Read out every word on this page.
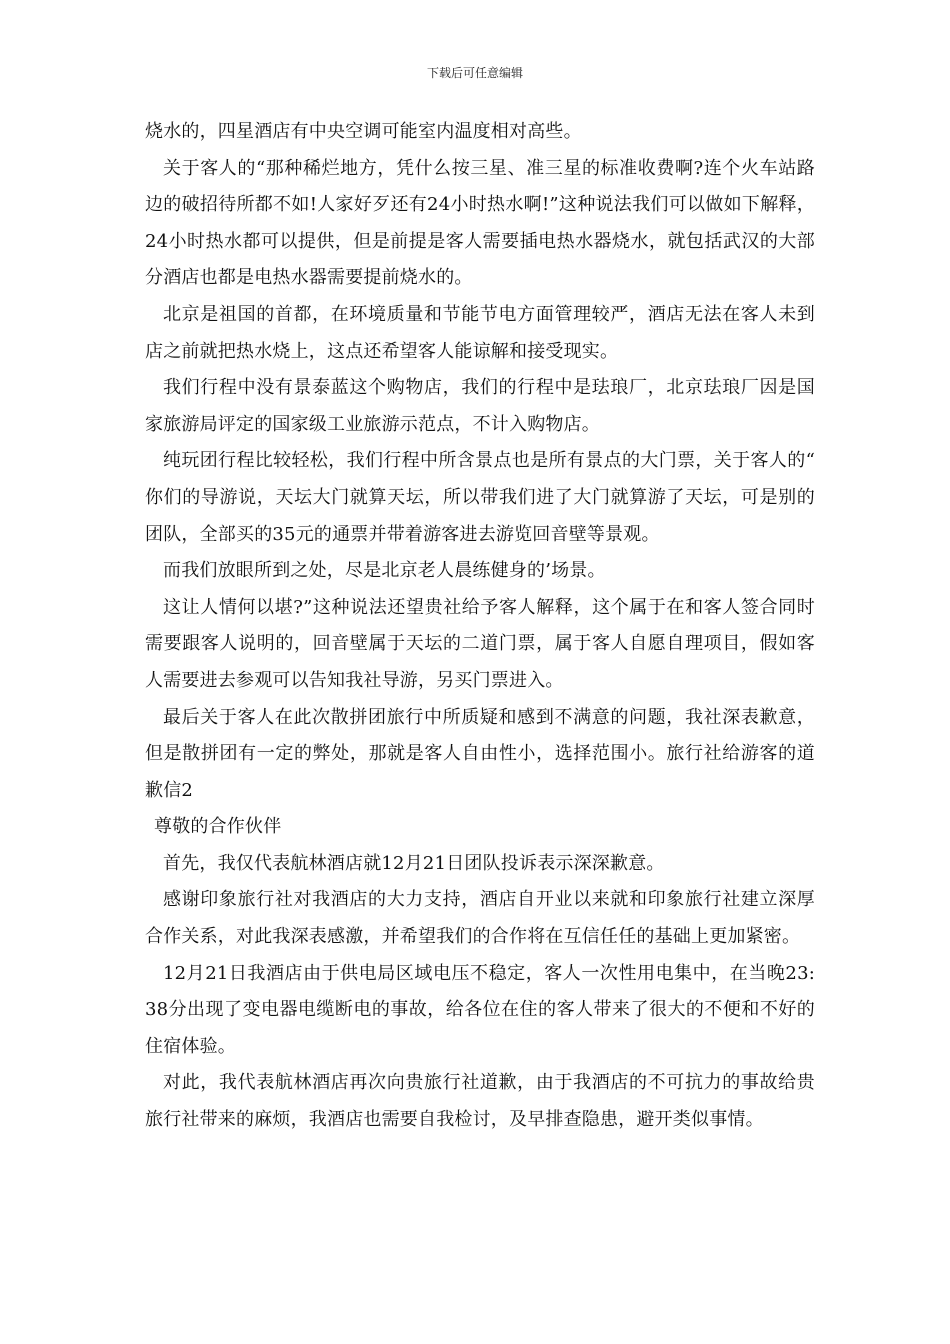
下载后可任意编辑

烧水的，四星酒店有中央空调可能室内温度相对高些。

关于客人的“那种稀烂地方，凭什么按三星、准三星的标准收费啊?连个火车站路边的破招待所都不如!人家好歹还有24小时热水啊!”这种说法我们可以做如下解释，24小时热水都可以提供，但是前提是客人需要插电热水器烧水，就包括武汉的大部分酒店也都是电热水器需要提前烧水的。

北京是祖国的首都，在环境质量和节能节电方面管理较严，酒店无法在客人未到店之前就把热水烧上，这点还希望客人能谅解和接受现实。

我们行程中没有景泰蓝这个购物店，我们的行程中是珐琅厂，北京珐琅厂因是国家旅游局评定的国家级工业旅游示范点，不计入购物店。

纯玩团行程比较轻松，我们行程中所含景点也是所有景点的大门票，关于客人的“你们的导游说，天坛大门就算天坛，所以带我们进了大门就算游了天坛，可是别的团队，全部买的35元的通票并带着游客进去游览回音壁等景观。

而我们放眼所到之处，尽是北京老人晨练健身的’场景。

这让人情何以堪?”这种说法还望贵社给予客人解释，这个属于在和客人签合同时需要跟客人说明的，回音壁属于天坛的二道门票，属于客人自愿自理项目，假如客人需要进去参观可以告知我社导游，另买门票进入。

最后关于客人在此次散拼团旅行中所质疑和感到不满意的问题，我社深表歉意，但是散拼团有一定的弊处，那就是客人自由性小，选择范围小。旅行社给游客的道歉信2

尊敬的合作伙伴

首先，我仅代表航林酒店就12月21日团队投诉表示深深歉意。

感谢印象旅行社对我酒店的大力支持，酒店自开业以来就和印象旅行社建立深厚合作关系，对此我深表感激，并希望我们的合作将在互信任任的基础上更加紧密。

12月21日我酒店由于供电局区域电压不稳定，客人一次性用电集中，在当晚23:38分出现了变电器电缆断电的事故，给各位在住的客人带来了很大的不便和不好的住宿体验。

对此，我代表航林酒店再次向贵旅行社道歉，由于我酒店的不可抗力的事故给贵旅行社带来的麻烦，我酒店也需要自我检讨，及早排查隐患，避开类似事情。
